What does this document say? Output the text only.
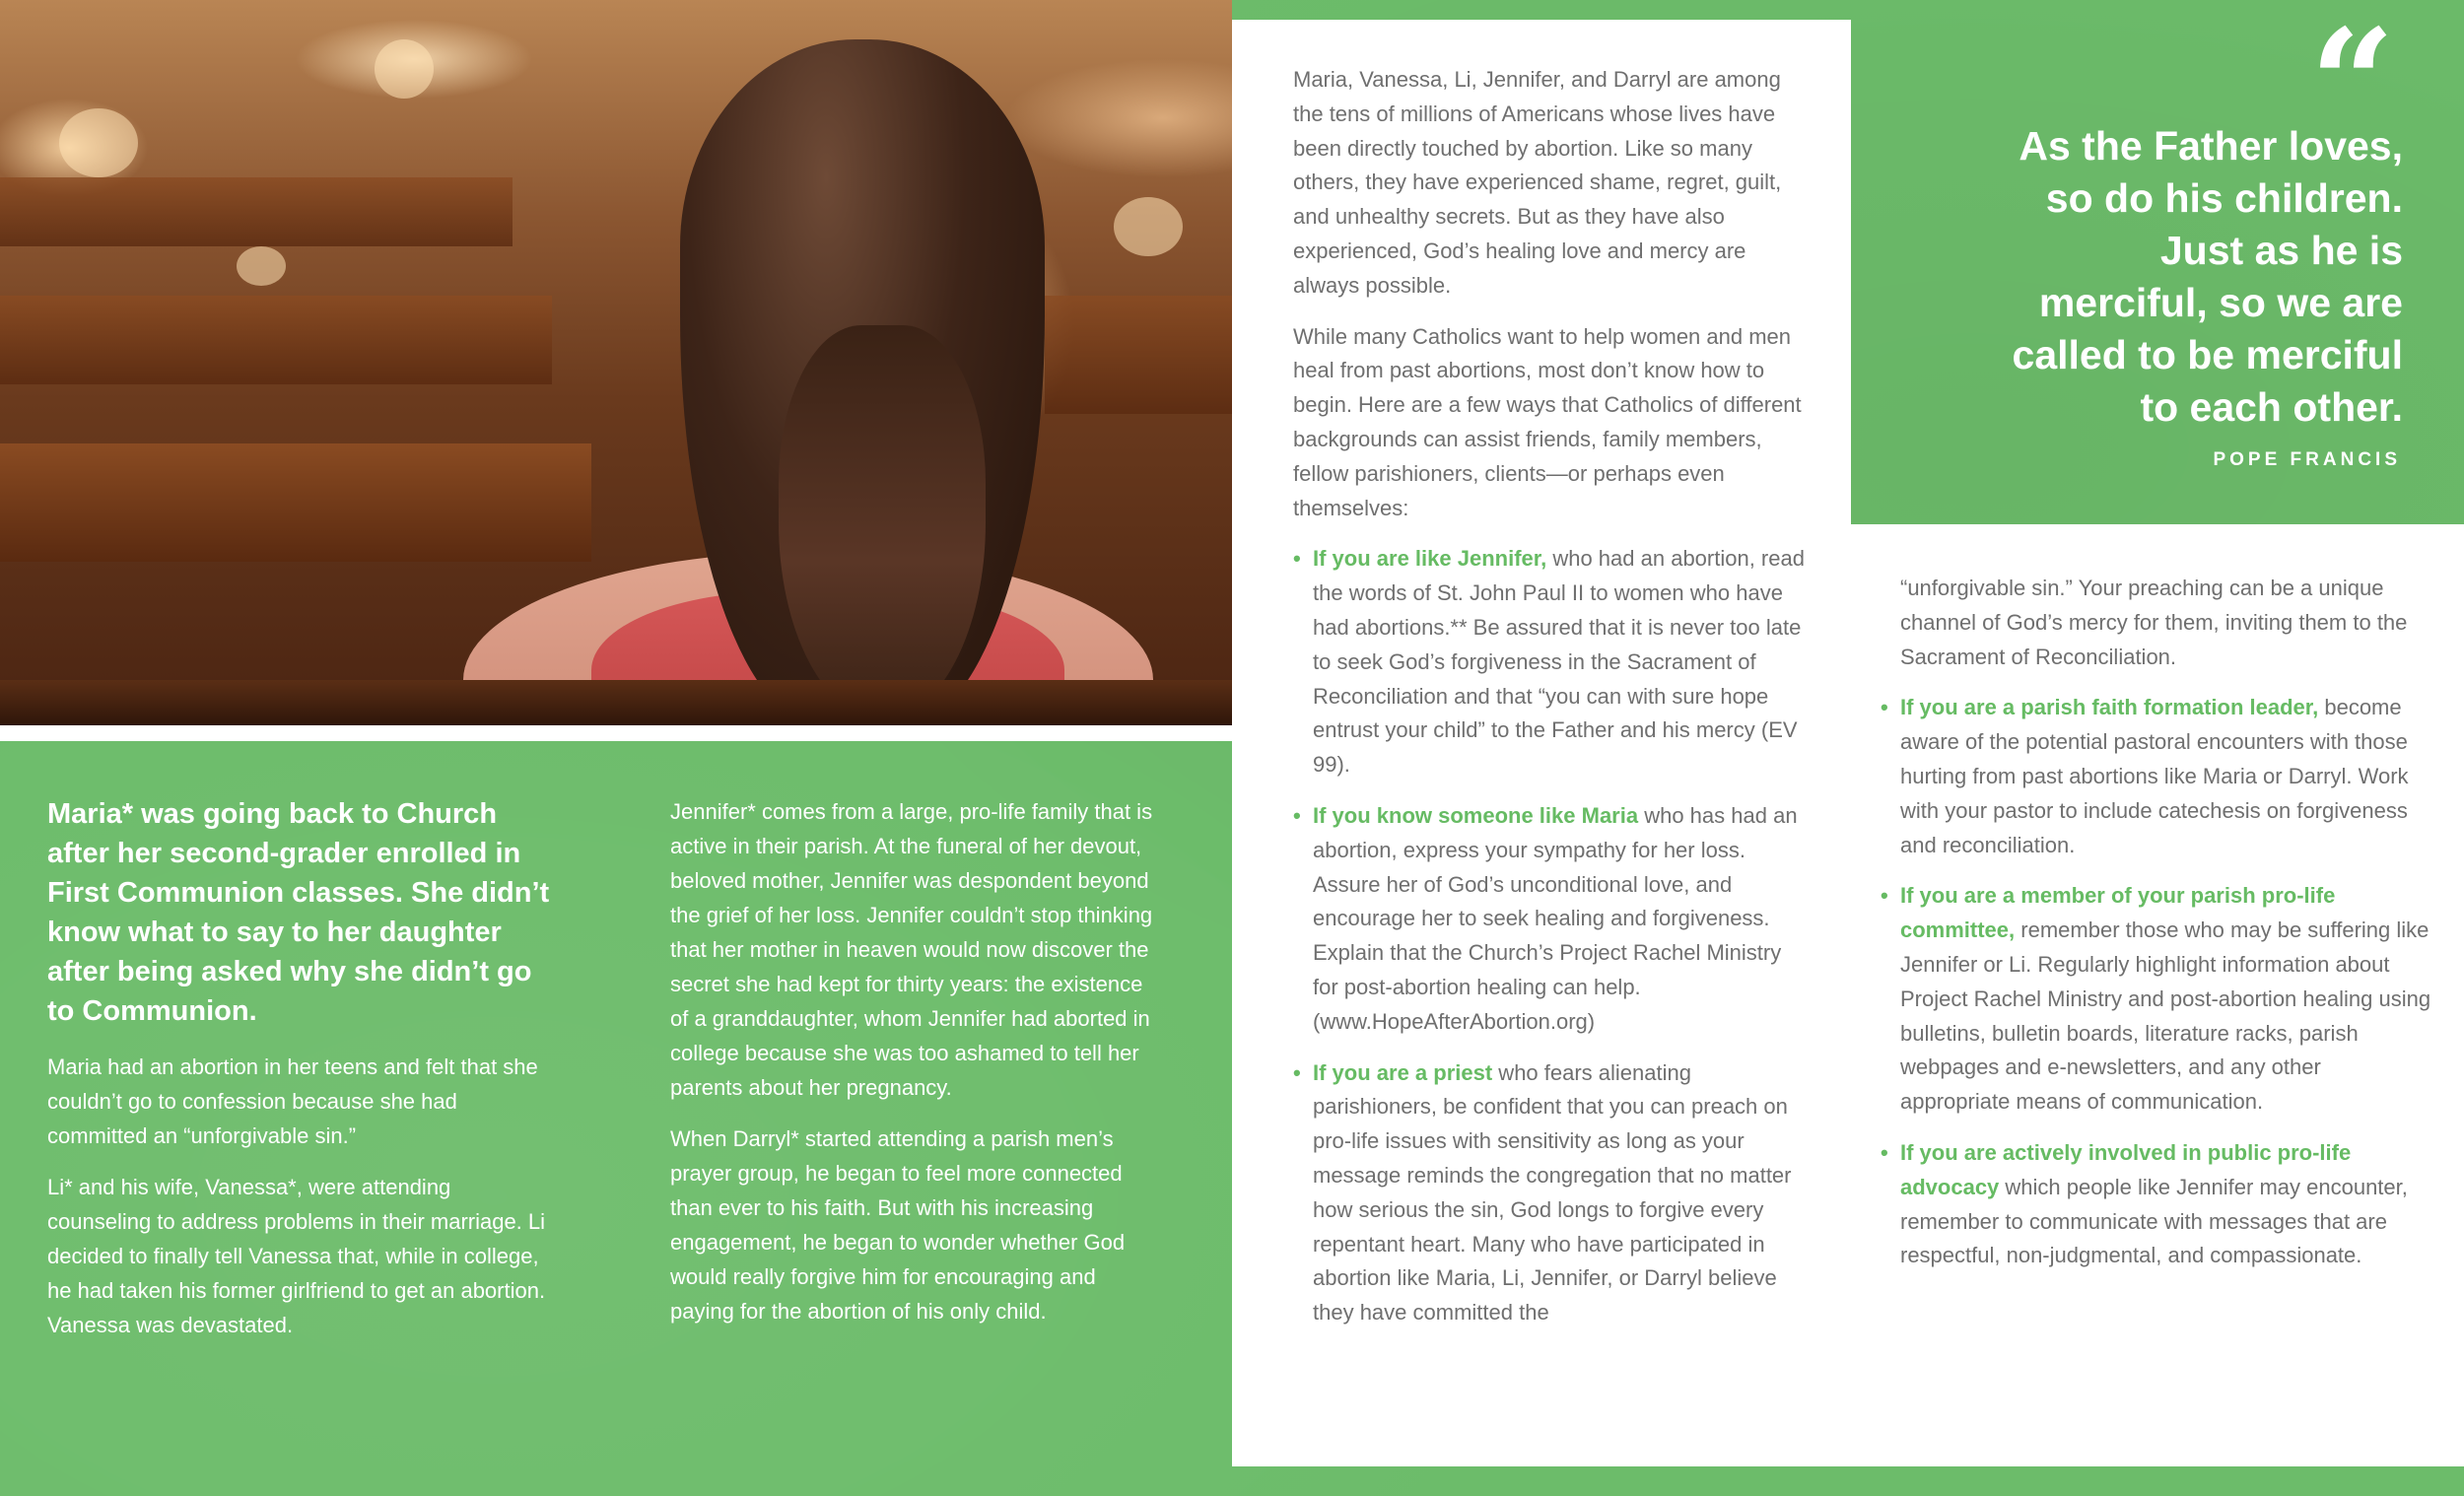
“
As the Father loves,
so do his children.
Just as he is
merciful, so we are
called to be merciful
to each other.
POPE FRANCIS

Maria* was going back to Church after her second-grader enrolled in First Communion classes. She didn’t know what to say to her daughter after being asked why she didn’t go to Communion.

Maria had an abortion in her teens and felt that she couldn’t go to confession because she had committed an “unforgivable sin.”

Li* and his wife, Vanessa*, were attending counseling to address problems in their marriage. Li decided to finally tell Vanessa that, while in college, he had taken his former girlfriend to get an abortion. Vanessa was devastated.

Jennifer* comes from a large, pro-life family that is active in their parish. At the funeral of her devout, beloved mother, Jennifer was despondent beyond the grief of her loss. Jennifer couldn’t stop thinking that her mother in heaven would now discover the secret she had kept for thirty years: the existence of a granddaughter, whom Jennifer had aborted in college because she was too ashamed to tell her parents about her pregnancy.

When Darryl* started attending a parish men’s prayer group, he began to feel more connected than ever to his faith. But with his increasing engagement, he began to wonder whether God would really forgive him for encouraging and paying for the abortion of his only child.

Maria, Vanessa, Li, Jennifer, and Darryl are among the tens of millions of Americans whose lives have been directly touched by abortion. Like so many others, they have experienced shame, regret, guilt, and unhealthy secrets. But as they have also experienced, God’s healing love and mercy are always possible.

While many Catholics want to help women and men heal from past abortions, most don’t know how to begin. Here are a few ways that Catholics of different backgrounds can assist friends, family members, fellow parishioners, clients—or perhaps even themselves:

• If you are like Jennifer, who had an abortion, read the words of St. John Paul II to women who have had abortions.** Be assured that it is never too late to seek God’s forgiveness in the Sacrament of Reconciliation and that “you can with sure hope entrust your child” to the Father and his mercy (EV 99).

• If you know someone like Maria who has had an abortion, express your sympathy for her loss. Assure her of God’s unconditional love, and encourage her to seek healing and forgiveness. Explain that the Church’s Project Rachel Ministry for post-abortion healing can help. (www.HopeAfterAbortion.org)

• If you are a priest who fears alienating parishioners, be confident that you can preach on pro-life issues with sensitivity as long as your message reminds the congregation that no matter how serious the sin, God longs to forgive every repentant heart. Many who have participated in abortion like Maria, Li, Jennifer, or Darryl believe they have committed the

“unforgivable sin.” Your preaching can be a unique channel of God’s mercy for them, inviting them to the Sacrament of Reconciliation.

• If you are a parish faith formation leader, become aware of the potential pastoral encounters with those hurting from past abortions like Maria or Darryl. Work with your pastor to include catechesis on forgiveness and reconciliation.

• If you are a member of your parish pro-life committee, remember those who may be suffering like Jennifer or Li. Regularly highlight information about Project Rachel Ministry and post-abortion healing using bulletins, bulletin boards, literature racks, parish webpages and e-newsletters, and any other appropriate means of communication.

• If you are actively involved in public pro-life advocacy which people like Jennifer may encounter, remember to communicate with messages that are respectful, non-judgmental, and compassionate.
